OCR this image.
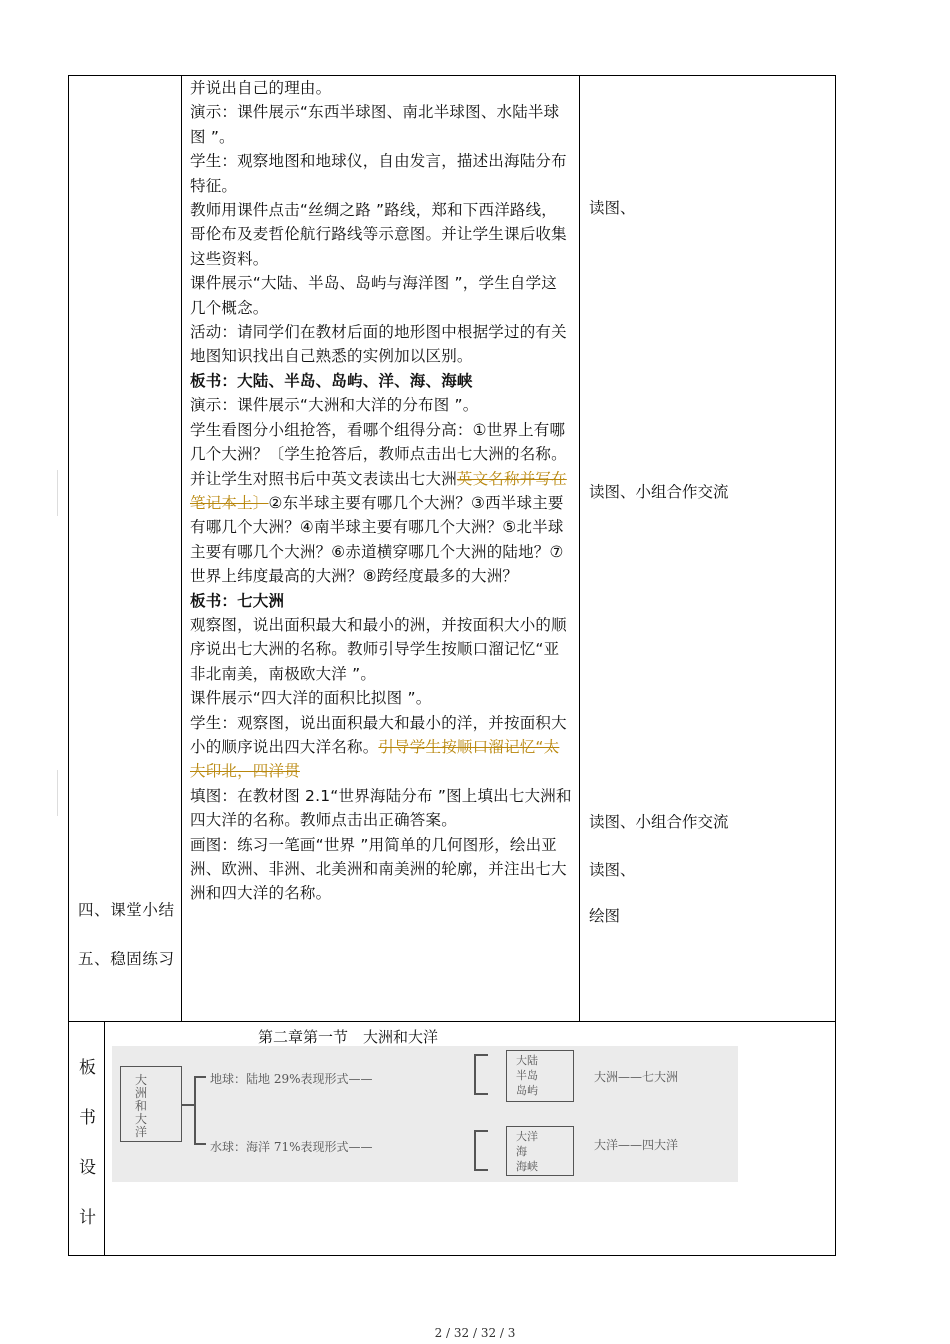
并说出自己的理由。

演示：课件展示“东西半球图、南北半球图、水陆半球图 ”。

学生：观察地图和地球仪，自由发言，描述出海陆分布特征。

教师用课件点击“丝绸之路 ”路线，郑和下西洋路线，哥伦布及麦哲伦航行路线等示意图。并让学生课后收集这些资料。

课件展示“大陆、半岛、岛屿与海洋图 ”，学生自学这几个概念。

活动：请同学们在教材后面的地形图中根据学过的有关地图知识找出自己熟悉的实例加以区别。

板书：大陆、半岛、岛屿、洋、海、海峡

演示：课件展示“大洲和大洋的分布图 ”。

学生看图分小组抢答，看哪个组得分高：①世界上有哪几个大洲？〔学生抢答后，教师点击出七大洲的名称。并让学生对照书后中英文表读出七大洲英文名称并写在笔记本上〕②东半球主要有哪几个大洲？③西半球主要有哪几个大洲？④南半球主要有哪几个大洲？⑤北半球主要有哪几个大洲？⑥赤道横穿哪几个大洲的陆地？⑦世界上纬度最高的大洲？⑧跨经度最多的大洲？

板书：七大洲

观察图，说出面积最大和最小的洲，并按面积大小的顺序说出七大洲的名称。教师引导学生按顺口溜记忆“亚非北南美，南极欧大洋 ”。

课件展示“四大洋的面积比拟图 ”。

学生：观察图，说出面积最大和最小的洋，并按面积大小的顺序说出四大洋名称。引导学生按顺口溜记忆“太大印北，四洋贯

填图：在教材图 2.1“世界海陆分布 ”图上填出七大洲和四大洋的名称。教师点击出正确答案。

画图：练习一笔画“世界 ”用简单的几何图形，绘出亚洲、欧洲、非洲、北美洲和南美洲的轮廓，并注出七大洲和四大洋的名称。

读图、
读图、小组合作交流
读图、小组合作交流
读图、
绘图
四、课堂小结
五、稳固练习
板
书
设
计
第二章第一节　大洲和大洋
大洲和大洋
地球：陆地 29%表现形式——
水球：海洋 71%表现形式——
大陆
半岛
岛屿
大洋
海
海峡
大洲——七大洲
大洋——四大洋
2 / 32 / 32 / 3
